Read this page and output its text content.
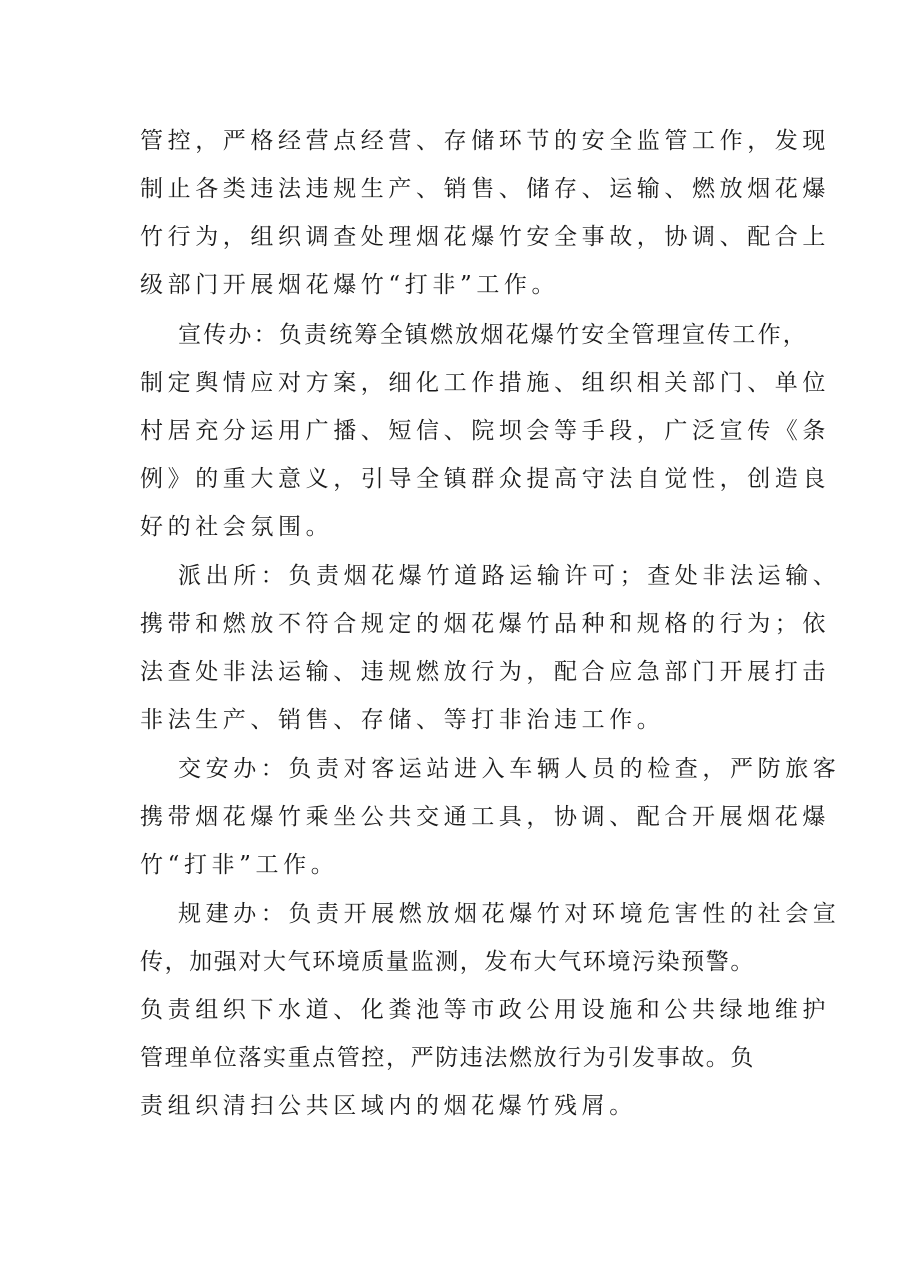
管控，严格经营点经营、存储环节的安全监管工作，发现

制止各类违法违规生产、销售、储存、运输、燃放烟花爆

竹行为，组织调查处理烟花爆竹安全事故，协调、配合上

级部门开展烟花爆竹“打非”工作。

宣传办：负责统筹全镇燃放烟花爆竹安全管理宣传工作，

制定舆情应对方案，细化工作措施、组织相关部门、单位

村居充分运用广播、短信、院坝会等手段，广泛宣传《条

例》的重大意义，引导全镇群众提高守法自觉性，创造良

好的社会氛围。

派出所：负责烟花爆竹道路运输许可；查处非法运输、

携带和燃放不符合规定的烟花爆竹品种和规格的行为；依

法查处非法运输、违规燃放行为，配合应急部门开展打击

非法生产、销售、存储、等打非治违工作。

交安办：负责对客运站进入车辆人员的检查，严防旅客

携带烟花爆竹乘坐公共交通工具，协调、配合开展烟花爆

竹“打非”工作。

规建办：负责开展燃放烟花爆竹对环境危害性的社会宣

传，加强对大气环境质量监测，发布大气环境污染预警。

负责组织下水道、化粪池等市政公用设施和公共绿地维护

管理单位落实重点管控，严防违法燃放行为引发事故。负

责组织清扫公共区域内的烟花爆竹残屑。
